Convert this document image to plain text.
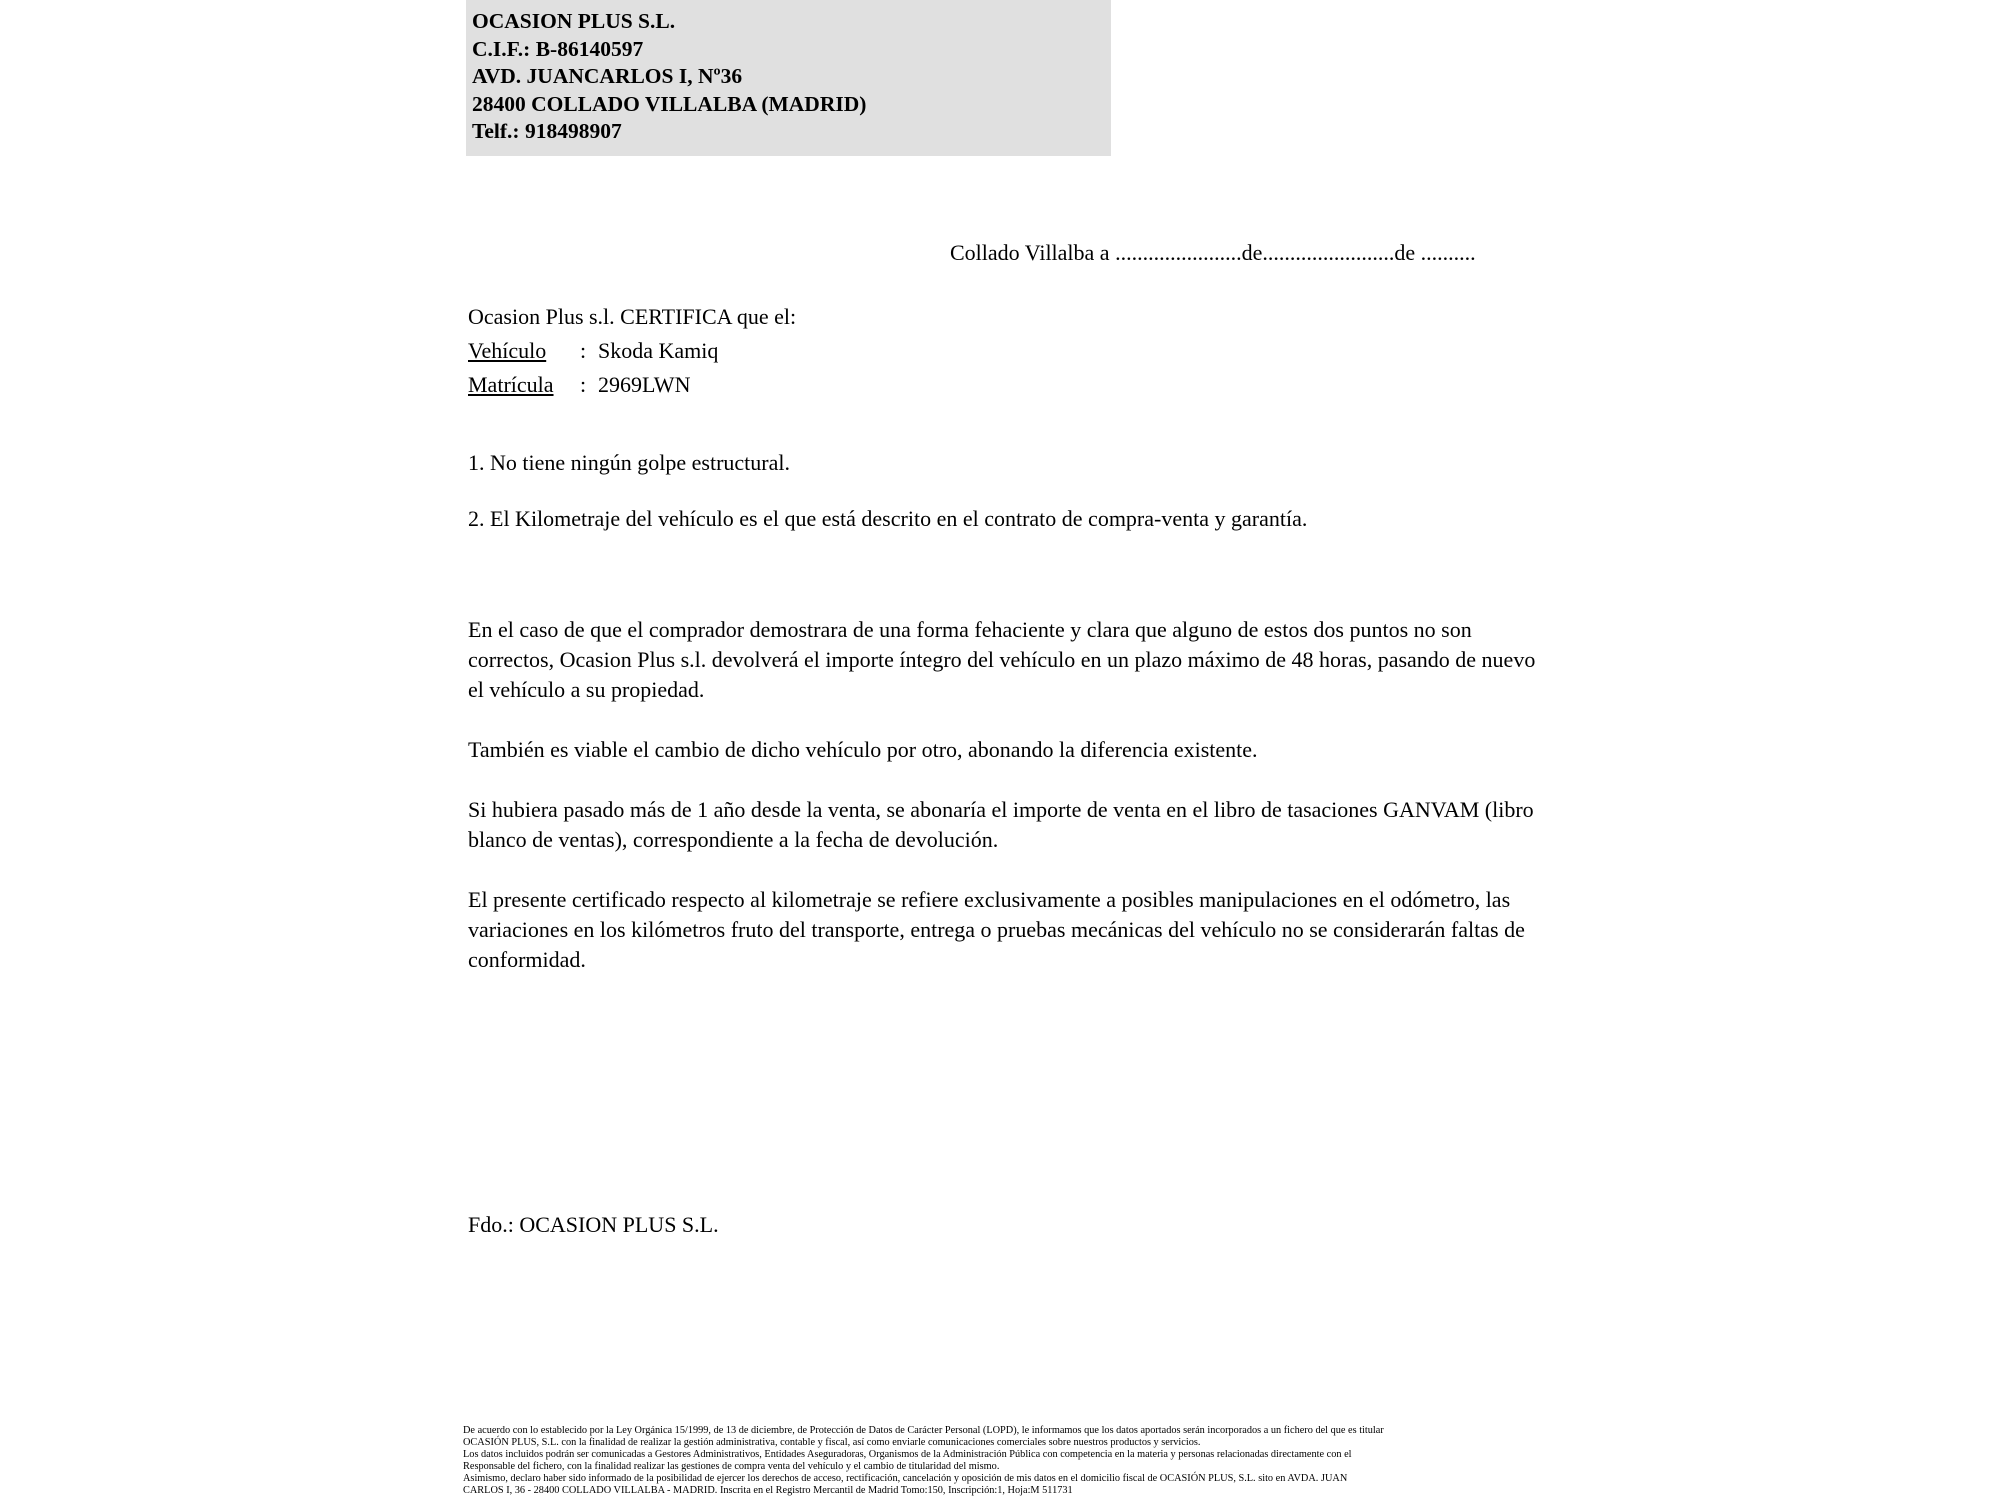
OCASION PLUS S.L.
C.I.F.: B-86140597
AVD. JUANCARLOS I, Nº36
28400 COLLADO VILLALBA (MADRID)
Telf.: 918498907
Collado Villalba a .......................de........................de ..........
Ocasion Plus s.l. CERTIFICA que el:
Vehículo : Skoda Kamiq
Matrícula : 2969LWN
1. No tiene ningún golpe estructural.
2. El Kilometraje del vehículo es el que está descrito en el contrato de compra-venta y garantía.

En el caso de que el comprador demostrara de una forma fehaciente y clara que alguno de estos dos puntos no son correctos, Ocasion Plus s.l. devolverá el importe íntegro del vehículo en un plazo máximo de 48 horas, pasando de nuevo el vehículo a su propiedad.

También es viable el cambio de dicho vehículo por otro, abonando la diferencia existente.

Si hubiera pasado más de 1 año desde la venta, se abonaría el importe de venta en el libro de tasaciones GANVAM (libro blanco de ventas), correspondiente a la fecha de devolución.

El presente certificado respecto al kilometraje se refiere exclusivamente a posibles manipulaciones en el odómetro, las variaciones en los kilómetros fruto del transporte, entrega o pruebas mecánicas del vehículo no se considerarán faltas de conformidad.

Fdo.: OCASION PLUS S.L.

De acuerdo con lo establecido por la Ley Orgánica 15/1999, de 13 de diciembre, de Protección de Datos de Carácter Personal (LOPD), le informamos que los datos aportados serán incorporados a un fichero del que es titular

OCASIÓN PLUS, S.L. con la finalidad de realizar la gestión administrativa, contable y fiscal, así como enviarle comunicaciones comerciales sobre nuestros productos y servicios.

Los datos incluidos podrán ser comunicadas a Gestores Administrativos, Entidades Aseguradoras, Organismos de la Administración Pública con competencia en la materia y personas relacionadas directamente con el

Responsable del fichero, con la finalidad realizar las gestiones de compra venta del vehículo y el cambio de titularidad del mismo.

Asimismo, declaro haber sido informado de la posibilidad de ejercer los derechos de acceso, rectificación, cancelación y oposición de mis datos en el domicilio fiscal de OCASIÓN PLUS, S.L. sito en AVDA. JUAN

CARLOS I, 36 - 28400 COLLADO VILLALBA - MADRID. Inscrita en el Registro Mercantil de Madrid Tomo:150, Inscripción:1, Hoja:M 511731
